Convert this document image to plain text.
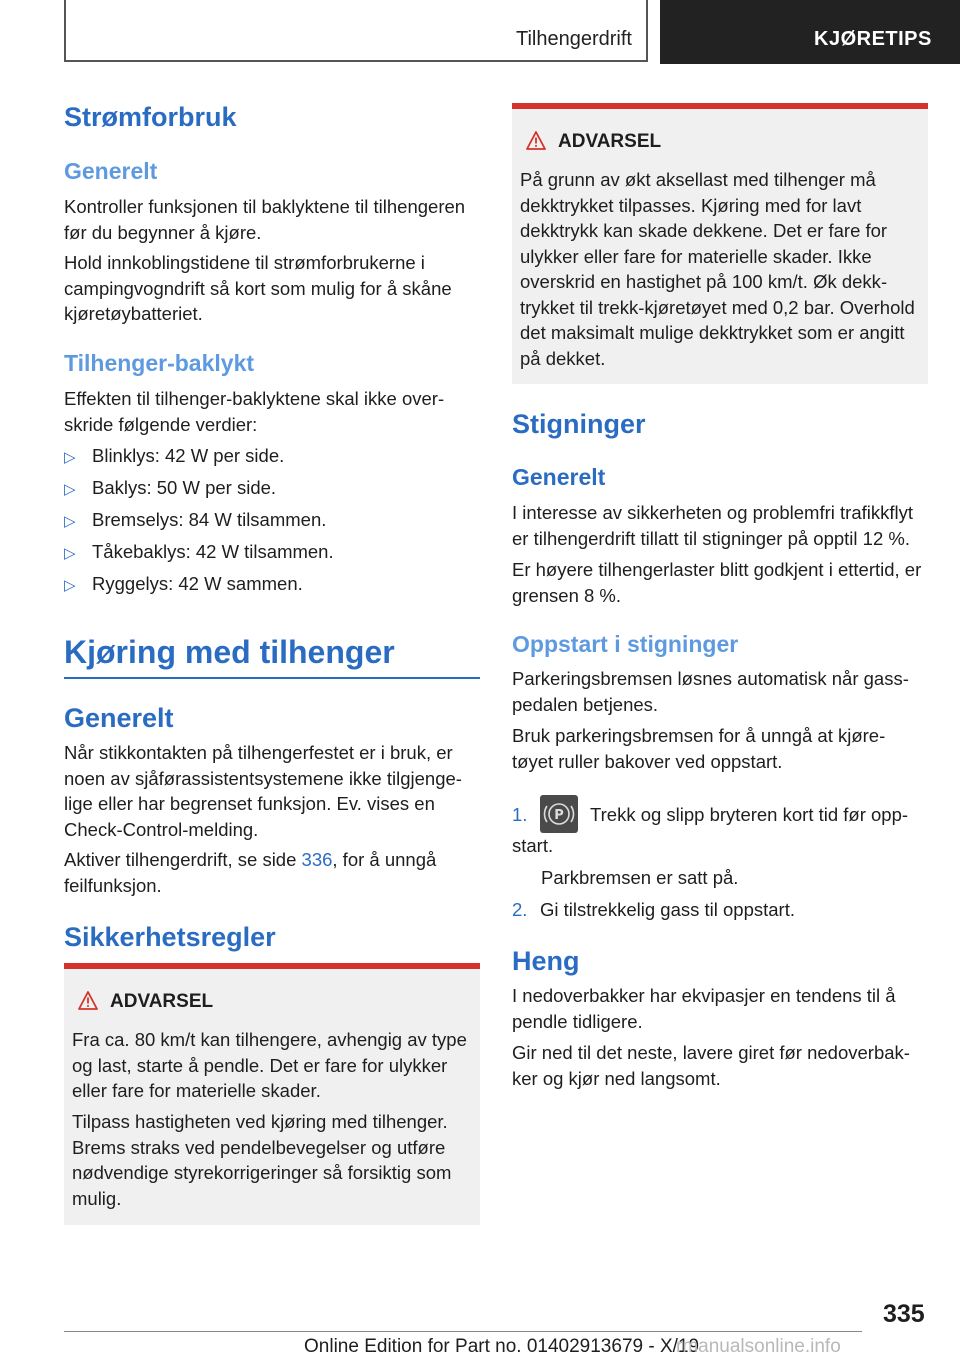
Tilhengerdrift	KJØRETIPS
Strømforbruk
Generelt
Kontroller funksjonen til baklyktene til tilhengeren før du begynner å kjøre.
Hold innkoblingstidene til strømforbrukerne i campingvogndrift så kort som mulig for å skåne kjøretøybatteriet.
Tilhenger-baklykt
Effekten til tilhenger-baklyktene skal ikke overskride følgende verdier:
▷ Blinklys: 42 W per side.
▷ Baklys: 50 W per side.
▷ Bremselys: 84 W tilsammen.
▷ Tåkebaklys: 42 W tilsammen.
▷ Ryggelys: 42 W sammen.
Kjøring med tilhenger
Generelt
Når stikkontakten på tilhengerfestet er i bruk, er noen av sjåførassistentsystemene ikke tilgjengelige eller har begrenset funksjon. Ev. vises en Check-Control-melding.
Aktiver tilhengerdrift, se side 336, for å unngå feilfunksjon.
Sikkerhetsregler
ADVARSEL
Fra ca. 80 km/t kan tilhengere, avhengig av type og last, starte å pendle. Det er fare for ulykker eller fare for materielle skader.
Tilpass hastigheten ved kjøring med tilhenger. Brems straks ved pendelbevegelser og utføre nødvendige styrekorrigeringer så forsiktig som mulig.
ADVARSEL
På grunn av økt aksellast med tilhenger må dekktrykket tilpasses. Kjøring med for lavt dekktrykk kan skade dekkene. Det er fare for ulykker eller fare for materielle skader. Ikke overskrid en hastighet på 100 km/t. Øk dekktrykket til trekk-kjøretøyet med 0,2 bar. Overhold det maksimalt mulige dekktrykket som er angitt på dekket.
Stigninger
Generelt
I interesse av sikkerheten og problemfri trafikkflyt er tilhengerdrift tillatt til stigninger på opptil 12 %.
Er høyere tilhengerlaster blitt godkjent i ettertid, er grensen 8 %.
Oppstart i stigninger
Parkeringsbremsen løsnes automatisk når gasspedalen betjenes.
Bruk parkeringsbremsen for å unngå at kjøretøyet ruller bakover ved oppstart.
1. P Trekk og slipp bryteren kort tid før oppstart.
Parkbremsen er satt på.
2. Gi tilstrekkelig gass til oppstart.
Heng
I nedoverbakker har ekvipasjer en tendens til å pendle tidligere.
Gir ned til det neste, lavere giret før nedoverbakker og kjør ned langsomt.
335
Online Edition for Part no. 01402913679 - X/19
rmanualsonline.info
